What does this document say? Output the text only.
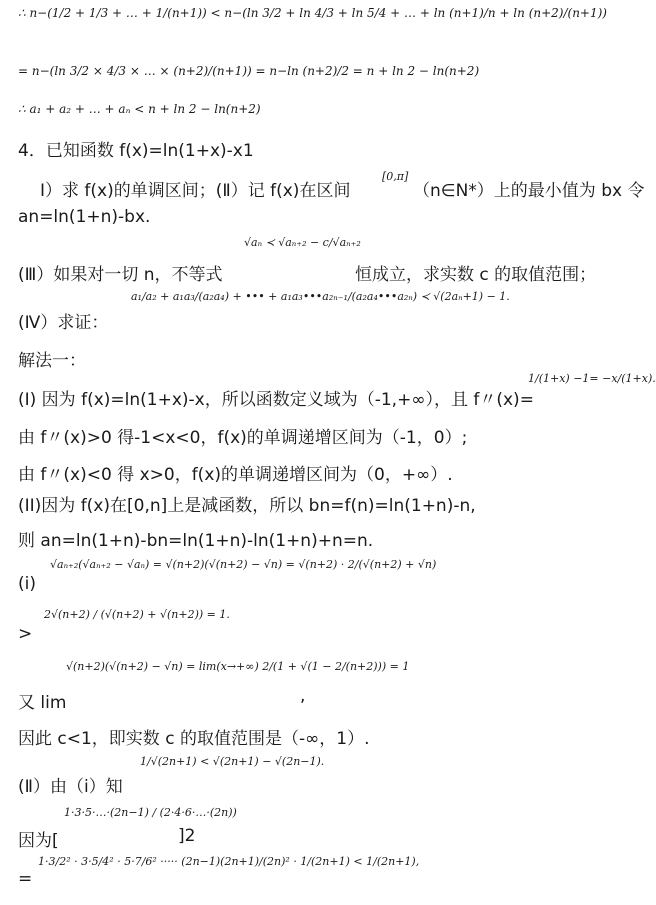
∴ n−(1/2 + 1/3 + … + 1/(n+1)) < n−(ln 3/2 + ln 4/3 + ln 5/4 + … + ln (n+1)/n + ln (n+2)/(n+1))
= n−(ln 3/2 × 4/3 × … × (n+2)/(n+1)) = n−ln (n+2)/2 = n + ln 2 − ln(n+2)
∴ a₁ + a₂ + … + aₙ < n + ln 2 − ln(n+2)
4．已知函数 f(x)=ln(1+x)-x1
Ⅰ）求 f(x)的单调区间；(Ⅱ）记 f(x)在区间
[0,π]
（n∈N*）上的最小值为 bx 令
an=ln(1+n)-bx.
(Ⅲ）如果对一切 n，不等式
√aₙ ≺ √aₙ₊₂ − c/√aₙ₊₂
恒成立，求实数 c 的取值范围；
(Ⅳ）求证：
a₁/a₂ + a₁a₃/(a₂a₄) + ••• + a₁a₃•••a₂ₙ₋₁/(a₂a₄•••a₂ₙ) ≺ √(2aₙ+1) − 1.
解法一：
(Ⅰ) 因为 f(x)=ln(1+x)-x，所以函数定义域为（-1,+∞），且 f〃(x)=
1/(1+x) −1= −x/(1+x).
由 f〃(x)>0 得-1<x<0，f(x)的单调递增区间为（-1，0）;
由 f〃(x)<0 得 x>0，f(x)的单调递增区间为（0，+∞）.
(II)因为 f(x)在[0,n]上是减函数，所以 bn=f(n)=ln(1+n)-n,
则 an=ln(1+n)-bn=ln(1+n)-ln(1+n)+n=n.
(i)
√aₙ₊₂(√aₙ₊₂ − √aₙ) = √(n+2)(√(n+2) − √n) = √(n+2) · 2/(√(n+2) + √n)
>
2√(n+2) / (√(n+2) + √(n+2)) = 1.
√(n+2)(√(n+2) − √n) = lim(x→+∞) 2/(1 + √(1 − 2/(n+2))) = 1
又 lim	,
因此 c<1，即实数 c 的取值范围是（-∞，1）.
(Ⅱ）由（i）知
1/√(2n+1) < √(2n+1) − √(2n−1).
因为[
1·3·5·…·(2n−1) / (2·4·6·…·(2n))
]2
=
1·3/2² · 3·5/4² · 5·7/6² ····· (2n−1)(2n+1)/(2n)² · 1/(2n+1) < 1/(2n+1),
